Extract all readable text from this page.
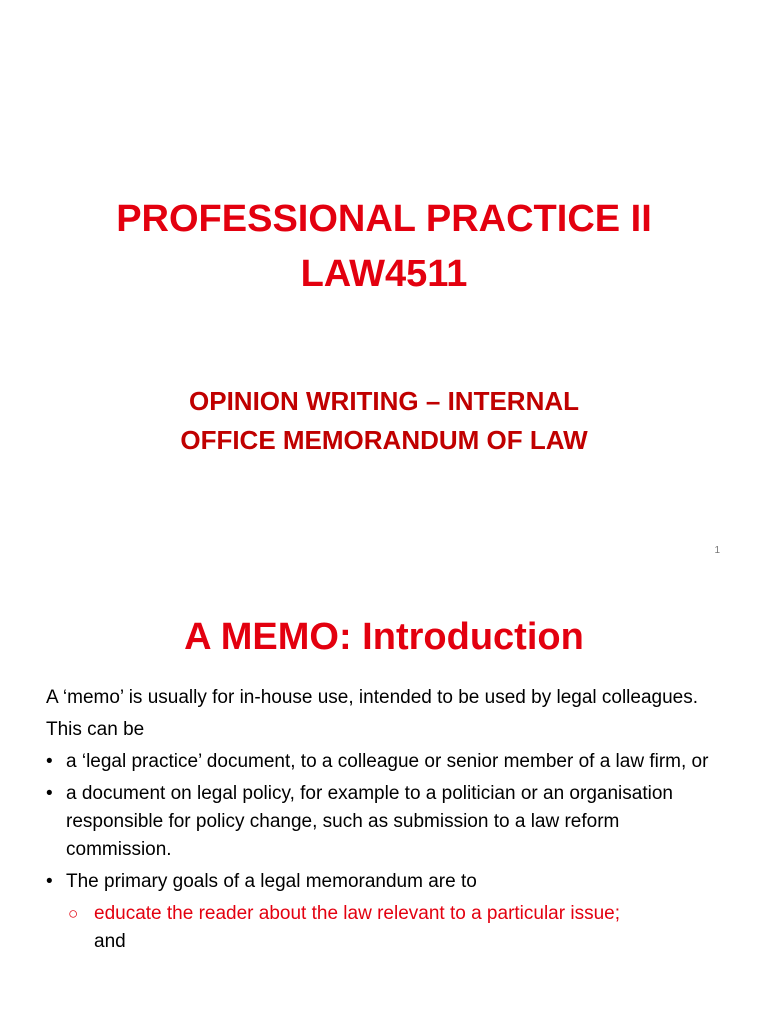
PROFESSIONAL PRACTICE II
LAW4511
OPINION WRITING – INTERNAL
OFFICE MEMORANDUM OF LAW
1
A MEMO: Introduction
A ‘memo’ is usually for in-house use, intended to be used by legal colleagues.
This can be
• a ‘legal practice’ document, to a colleague or senior member of a law firm, or
• a document on legal policy, for example to a politician or an organisation responsible for policy change, such as submission to a law reform commission.
• The primary goals of a legal memorandum are to
○ educate the reader about the law relevant to a particular issue;
and
